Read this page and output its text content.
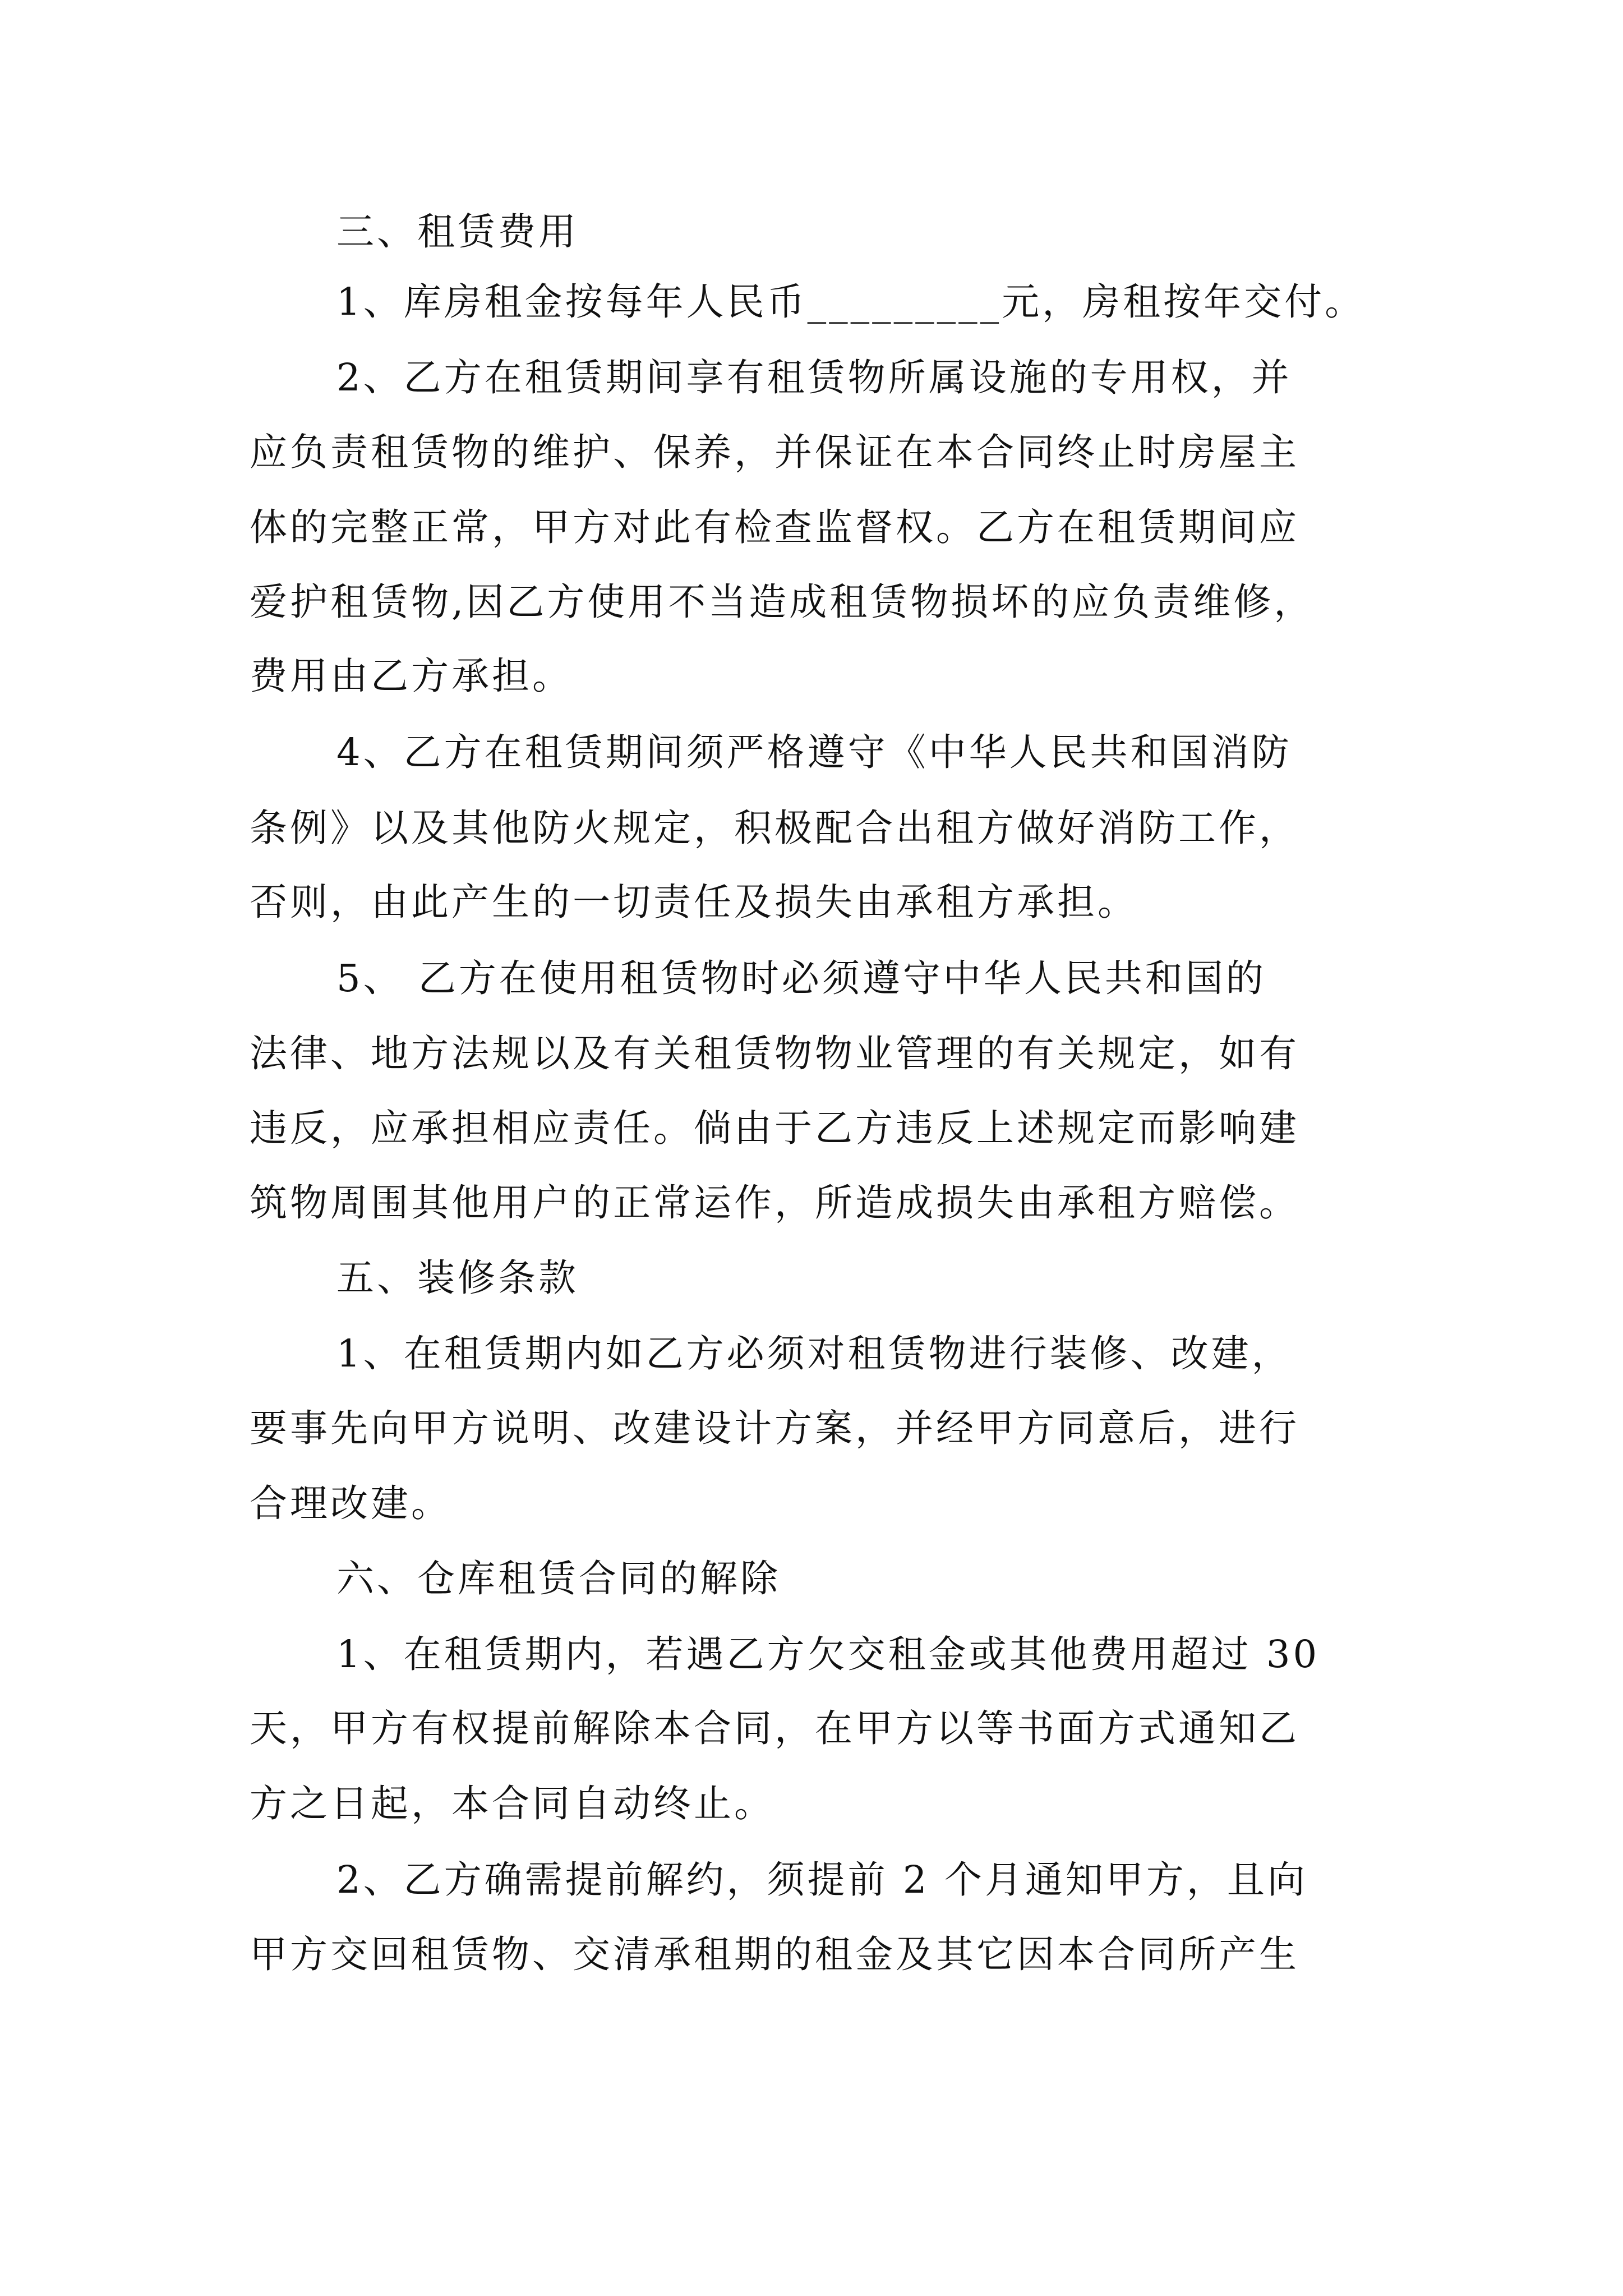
三、租赁费用
1、库房租金按每年人民币_________元，房租按年交付。
2、乙方在租赁期间享有租赁物所属设施的专用权，并
应负责租赁物的维护、保养，并保证在本合同终止时房屋主
体的完整正常，甲方对此有检查监督权。乙方在租赁期间应
爱护租赁物,因乙方使用不当造成租赁物损坏的应负责维修，
费用由乙方承担。
4、乙方在租赁期间须严格遵守《中华人民共和国消防
条例》以及其他防火规定，积极配合出租方做好消防工作，
否则，由此产生的一切责任及损失由承租方承担。
5、 乙方在使用租赁物时必须遵守中华人民共和国的
法律、地方法规以及有关租赁物物业管理的有关规定，如有
违反，应承担相应责任。倘由于乙方违反上述规定而影响建
筑物周围其他用户的正常运作，所造成损失由承租方赔偿。
五、装修条款
1、在租赁期内如乙方必须对租赁物进行装修、改建，
要事先向甲方说明、改建设计方案，并经甲方同意后，进行
合理改建。
六、仓库租赁合同的解除
1、在租赁期内，若遇乙方欠交租金或其他费用超过 30
天，甲方有权提前解除本合同，在甲方以等书面方式通知乙
方之日起，本合同自动终止。
2、乙方确需提前解约，须提前 2 个月通知甲方，且向
甲方交回租赁物、交清承租期的租金及其它因本合同所产生
